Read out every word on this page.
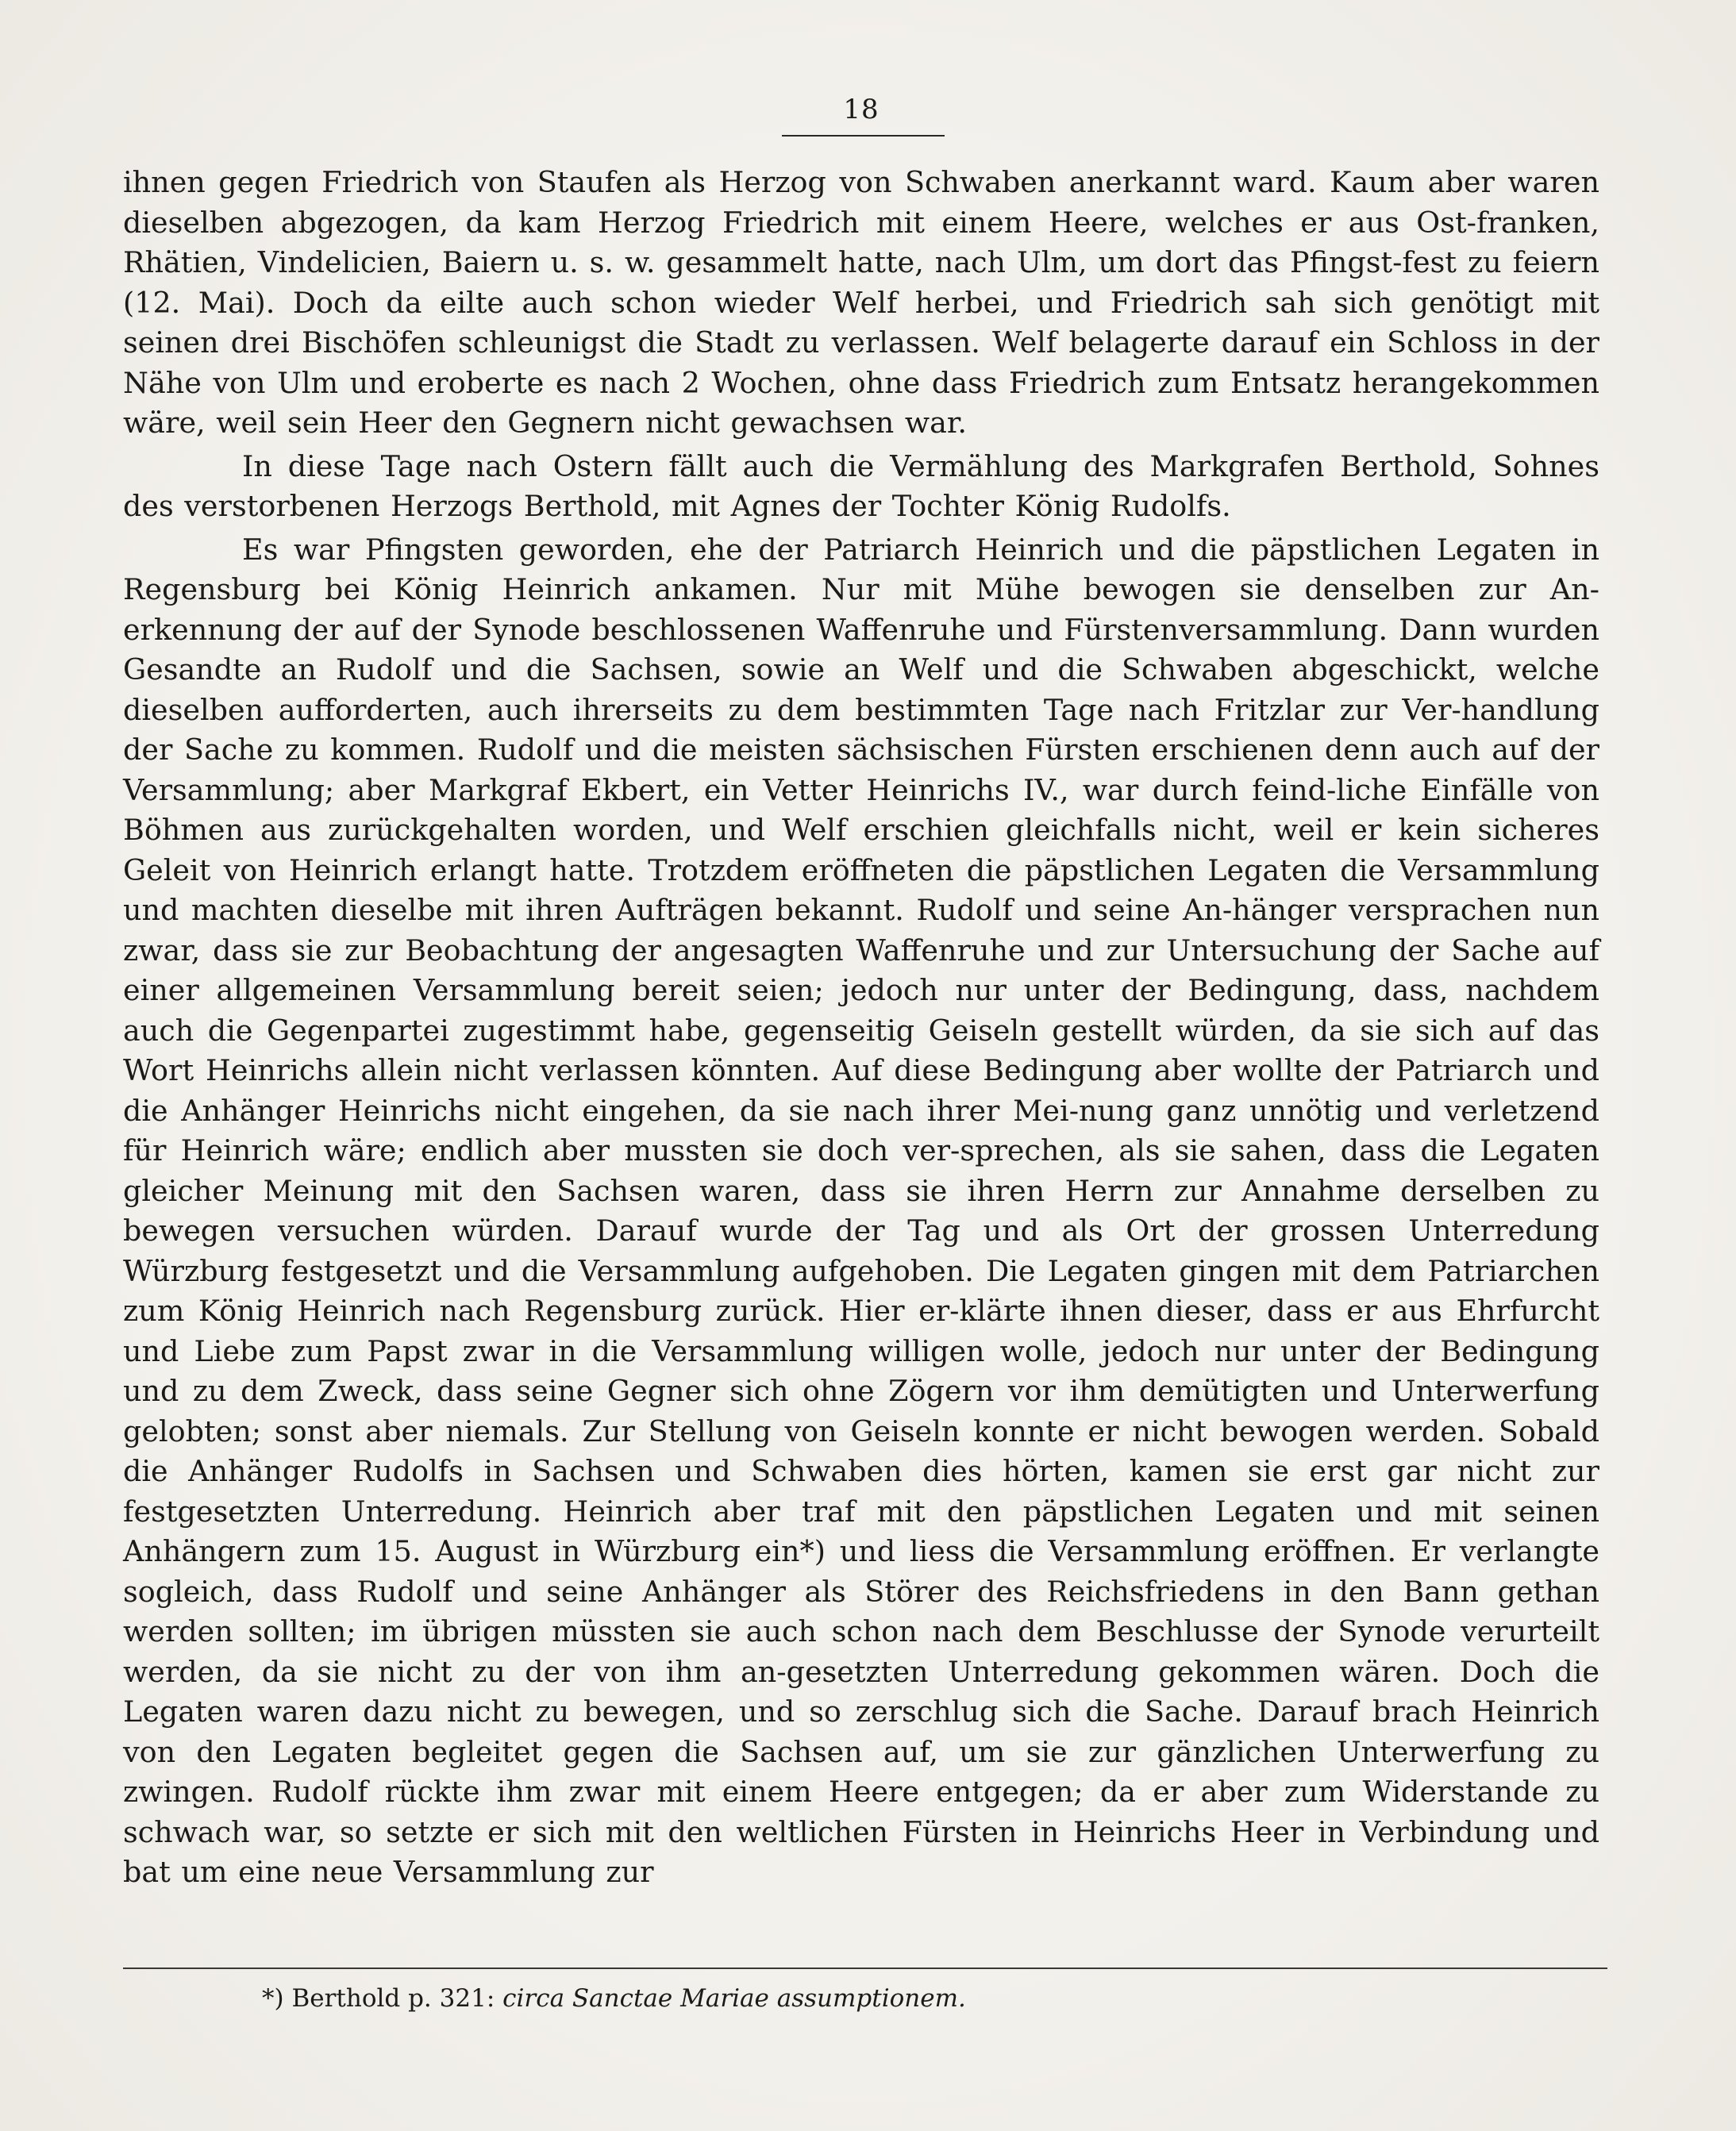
18

ihnen gegen Friedrich von Staufen als Herzog von Schwaben anerkannt ward. Kaum aber waren dieselben abgezogen, da kam Herzog Friedrich mit einem Heere, welches er aus Ost-franken, Rhätien, Vindelicien, Baiern u. s. w. gesammelt hatte, nach Ulm, um dort das Pfingst-fest zu feiern (12. Mai). Doch da eilte auch schon wieder Welf herbei, und Friedrich sah sich genötigt mit seinen drei Bischöfen schleunigst die Stadt zu verlassen. Welf belagerte darauf ein Schloss in der Nähe von Ulm und eroberte es nach 2 Wochen, ohne dass Friedrich zum Entsatz herangekommen wäre, weil sein Heer den Gegnern nicht gewachsen war.

In diese Tage nach Ostern fällt auch die Vermählung des Markgrafen Berthold, Sohnes des verstorbenen Herzogs Berthold, mit Agnes der Tochter König Rudolfs.

Es war Pfingsten geworden, ehe der Patriarch Heinrich und die päpstlichen Legaten in Regensburg bei König Heinrich ankamen. Nur mit Mühe bewogen sie denselben zur An-erkennung der auf der Synode beschlossenen Waffenruhe und Fürstenversammlung. Dann wurden Gesandte an Rudolf und die Sachsen, sowie an Welf und die Schwaben abgeschickt, welche dieselben aufforderten, auch ihrerseits zu dem bestimmten Tage nach Fritzlar zur Ver-handlung der Sache zu kommen. Rudolf und die meisten sächsischen Fürsten erschienen denn auch auf der Versammlung; aber Markgraf Ekbert, ein Vetter Heinrichs IV., war durch feind-liche Einfälle von Böhmen aus zurückgehalten worden, und Welf erschien gleichfalls nicht, weil er kein sicheres Geleit von Heinrich erlangt hatte. Trotzdem eröffneten die päpstlichen Legaten die Versammlung und machten dieselbe mit ihren Aufträgen bekannt. Rudolf und seine An-hänger versprachen nun zwar, dass sie zur Beobachtung der angesagten Waffenruhe und zur Untersuchung der Sache auf einer allgemeinen Versammlung bereit seien; jedoch nur unter der Bedingung, dass, nachdem auch die Gegenpartei zugestimmt habe, gegenseitig Geiseln gestellt würden, da sie sich auf das Wort Heinrichs allein nicht verlassen könnten. Auf diese Bedingung aber wollte der Patriarch und die Anhänger Heinrichs nicht eingehen, da sie nach ihrer Mei-nung ganz unnötig und verletzend für Heinrich wäre; endlich aber mussten sie doch ver-sprechen, als sie sahen, dass die Legaten gleicher Meinung mit den Sachsen waren, dass sie ihren Herrn zur Annahme derselben zu bewegen versuchen würden. Darauf wurde der Tag und als Ort der grossen Unterredung Würzburg festgesetzt und die Versammlung aufgehoben. Die Legaten gingen mit dem Patriarchen zum König Heinrich nach Regensburg zurück. Hier er-klärte ihnen dieser, dass er aus Ehrfurcht und Liebe zum Papst zwar in die Versammlung willigen wolle, jedoch nur unter der Bedingung und zu dem Zweck, dass seine Gegner sich ohne Zögern vor ihm demütigten und Unterwerfung gelobten; sonst aber niemals. Zur Stellung von Geiseln konnte er nicht bewogen werden. Sobald die Anhänger Rudolfs in Sachsen und Schwaben dies hörten, kamen sie erst gar nicht zur festgesetzten Unterredung. Heinrich aber traf mit den päpstlichen Legaten und mit seinen Anhängern zum 15. August in Würzburg ein*) und liess die Versammlung eröffnen. Er verlangte sogleich, dass Rudolf und seine Anhänger als Störer des Reichsfriedens in den Bann gethan werden sollten; im übrigen müssten sie auch schon nach dem Beschlusse der Synode verurteilt werden, da sie nicht zu der von ihm an-gesetzten Unterredung gekommen wären. Doch die Legaten waren dazu nicht zu bewegen, und so zerschlug sich die Sache. Darauf brach Heinrich von den Legaten begleitet gegen die Sachsen auf, um sie zur gänzlichen Unterwerfung zu zwingen. Rudolf rückte ihm zwar mit einem Heere entgegen; da er aber zum Widerstande zu schwach war, so setzte er sich mit den weltlichen Fürsten in Heinrichs Heer in Verbindung und bat um eine neue Versammlung zur

*) Berthold p. 321: circa Sanctae Mariae assumptionem.
